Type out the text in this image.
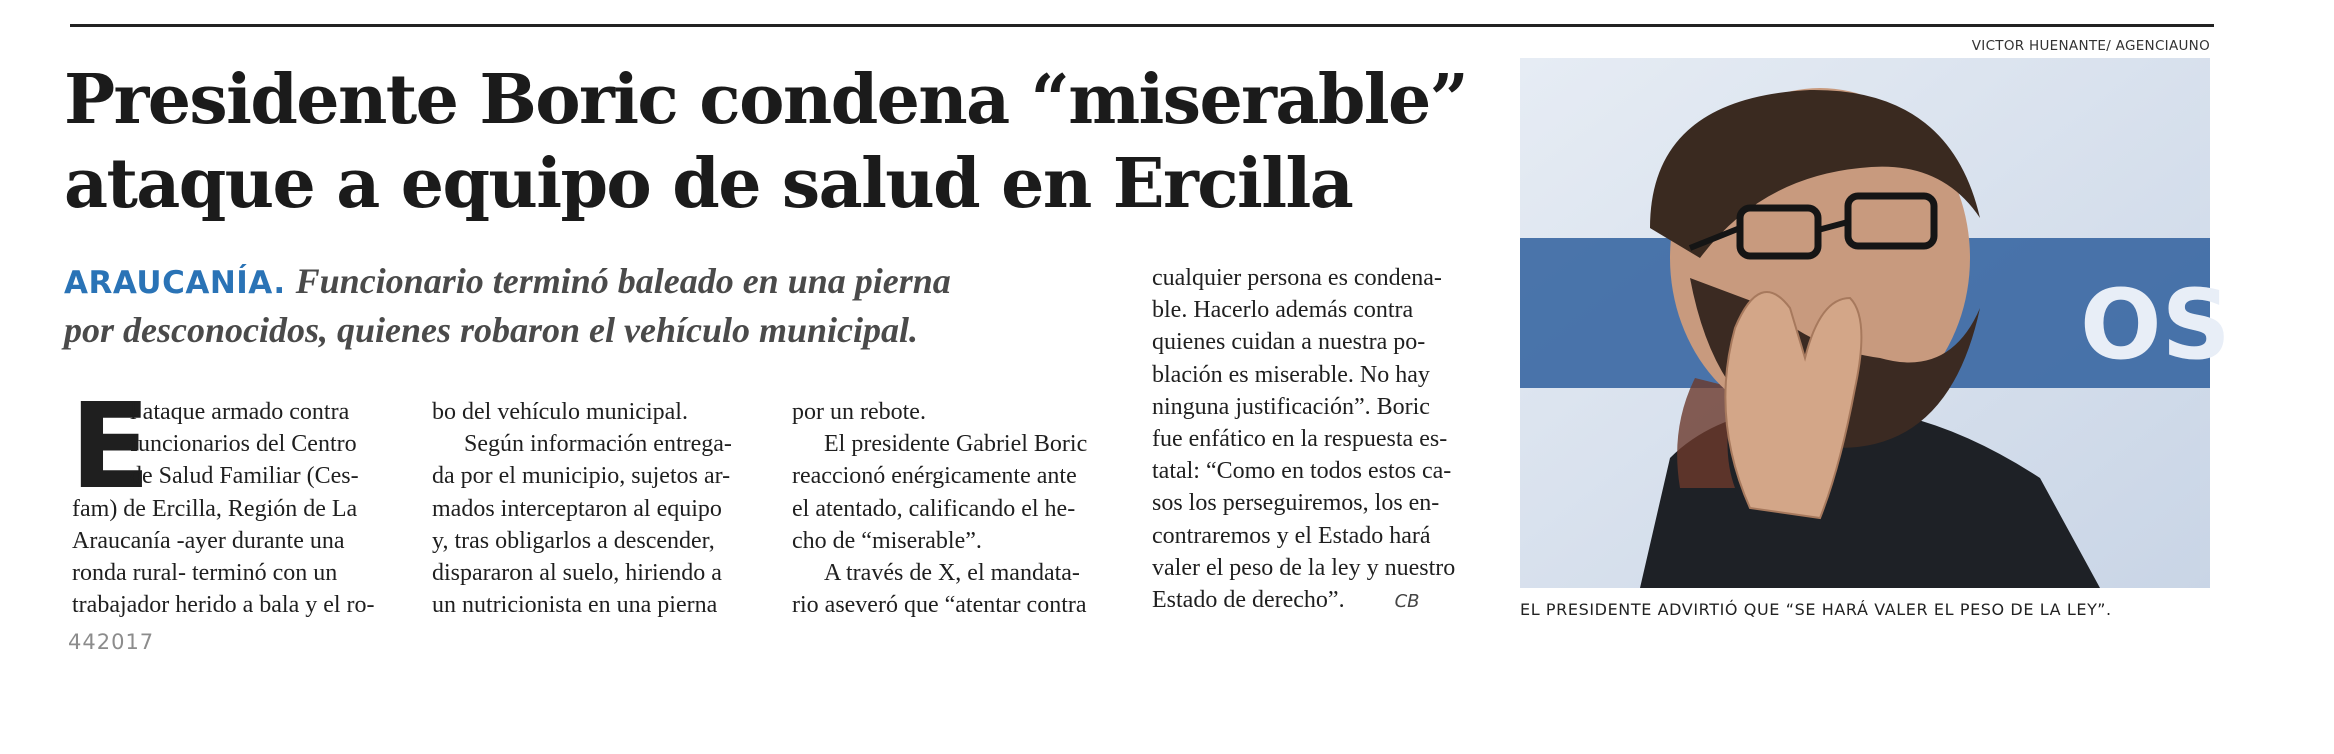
Presidente Boric condena “miserable”
ataque a equipo de salud en Ercilla
ARAUCANÍA. Funcionario terminó baleado en una pierna
por desconocidos, quienes robaron el vehículo municipal.
E
l ataque armado contra
funcionarios del Centro
de Salud Familiar (Ces-
fam) de Ercilla, Región de La
Araucanía -ayer durante una
ronda rural- terminó con un
trabajador herido a bala y el ro-
bo del vehículo municipal.
Según información entrega-
da por el municipio, sujetos ar-
mados interceptaron al equipo
y, tras obligarlos a descender,
dispararon al suelo, hiriendo a
un nutricionista en una pierna
por un rebote.
El presidente Gabriel Boric
reaccionó enérgicamente ante
el atentado, calificando el he-
cho de “miserable”.
A través de X, el mandata-
rio aseveró que “atentar contra
cualquier persona es condena-
ble. Hacerlo además contra
quienes cuidan a nuestra po-
blación es miserable. No hay
ninguna justificación”. Boric
fue enfático en la respuesta es-
tatal: “Como en todos estos ca-
sos los perseguiremos, los en-
contraremos y el Estado hará
valer el peso de la ley y nuestro
Estado de derecho”.	CB
442017
VICTOR HUENANTE/ AGENCIAUNO
OS
EL PRESIDENTE ADVIRTIÓ QUE “SE HARÁ VALER EL PESO DE LA LEY”.
